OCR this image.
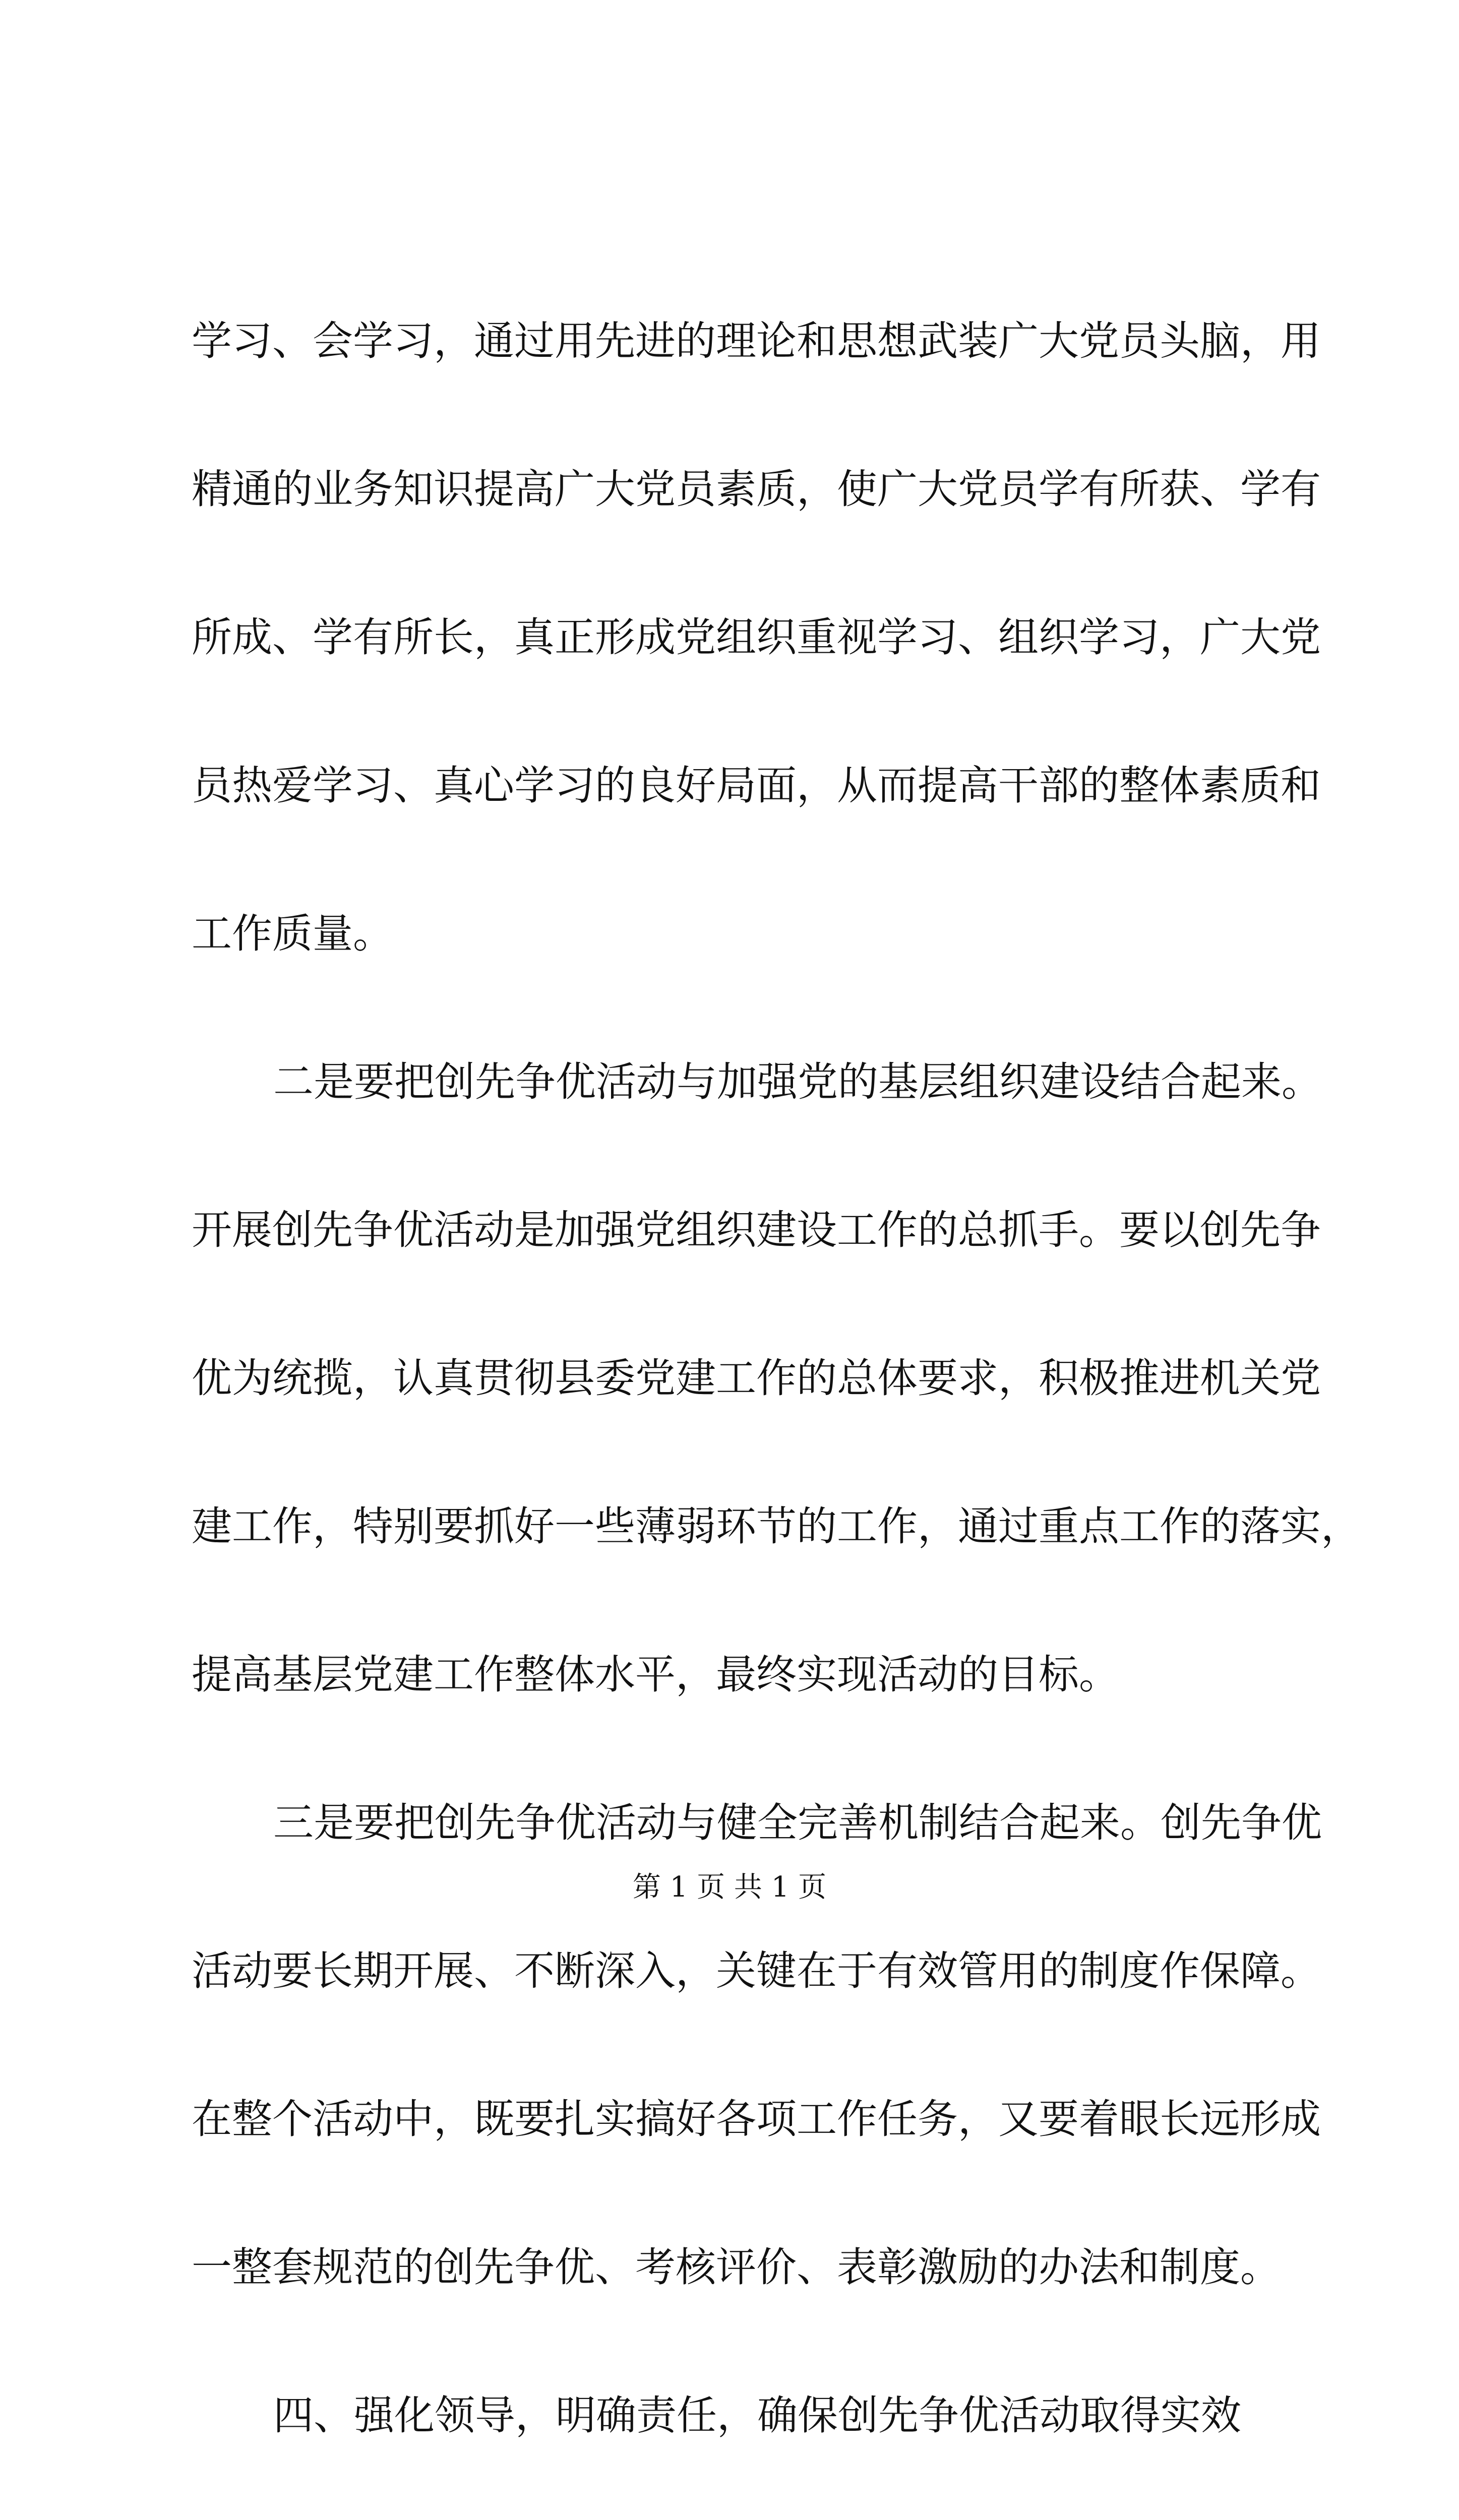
学习、会学习，通过用先进的理论和思想武装广大党员头脑，用
精通的业务知识提高广大党员素质，使广大党员学有所获、学有
所成、学有所长，真正形成党组织重视学习、组织学习，广大党
员热爱学习、真心学习的良好局面，从而提高干部的整体素质和
工作质量。
二是要把创先争优活动与加强党的基层组织建设结合起来。
开展创先争优活动是加强党组织建设工作的总抓手。要以创先争
优为统揽，认真贯彻县委党建工作的总体要求，积极推进机关党
建工作，特别要抓好一些薄弱环节的工作，通过重点工作的落实，
提高基层党建工作整体水平，最终实现活动的目标。
三是要把创先争优活动与健全完善机制结合起来。创先争优
活动要长期开展、不断深入，关键在于有效管用的制度作保障。
在整个活动中，既要扎实搞好各项工作任务，又要着眼长远形成
一整套规范的创先争优、考核评价、表彰激励的办法和制度。
四、强化领导，明确责任，确保创先争优活动取得实效
第 1 页 共 1 页
